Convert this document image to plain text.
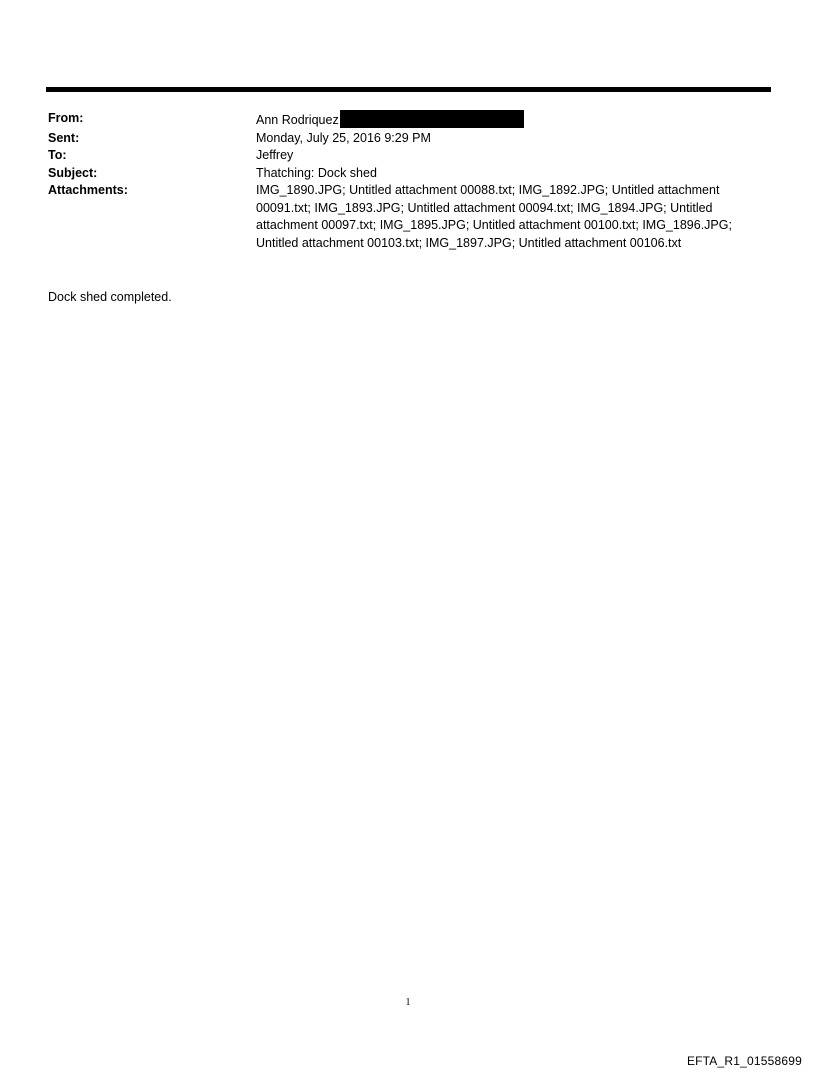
From:	Ann Rodriquez
Sent:	Monday, July 25, 2016 9:29 PM
To:	Jeffrey
Subject:	Thatching: Dock shed
Attachments:	IMG_1890.JPG; Untitled attachment 00088.txt; IMG_1892.JPG; Untitled attachment 00091.txt; IMG_1893.JPG; Untitled attachment 00094.txt; IMG_1894.JPG; Untitled attachment 00097.txt; IMG_1895.JPG; Untitled attachment 00100.txt; IMG_1896.JPG; Untitled attachment 00103.txt; IMG_1897.JPG; Untitled attachment 00106.txt
Dock shed completed.
1
EFTA_R1_01558699
